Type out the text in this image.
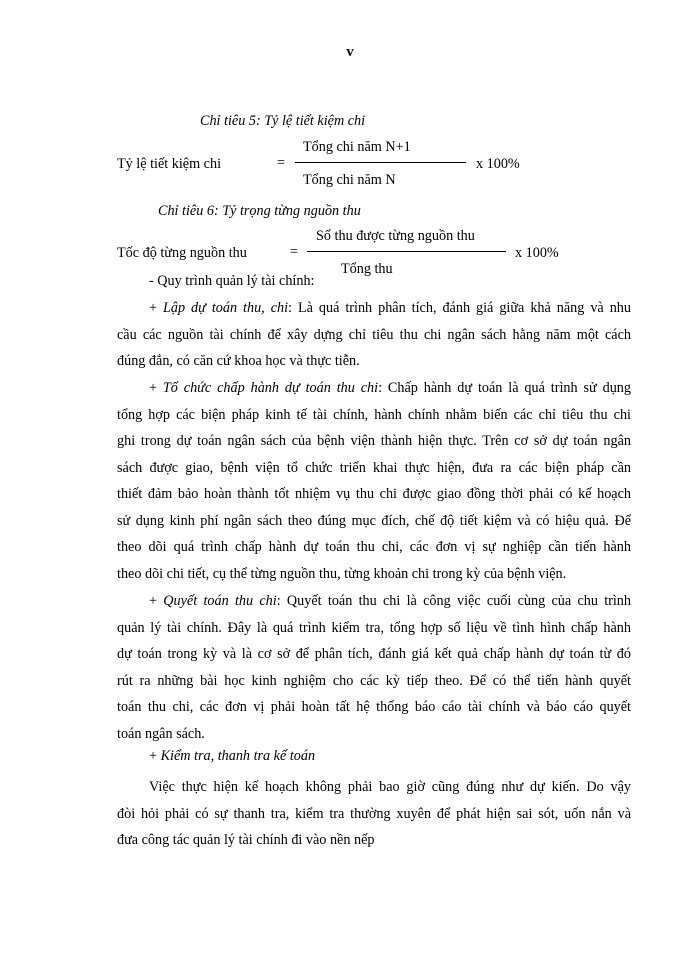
v
Chỉ tiêu 5: Tỷ lệ tiết kiệm chi
Tỷ lệ tiết kiệm chi	=
Tổng chi năm N+1
Tổng chi năm N
x 100%
Chỉ tiêu 6: Tỷ trọng từng nguồn thu
Tốc độ từng nguồn thu	=
Số thu được từng nguồn thu
Tổng thu
x 100%
- Quy trình quản lý tài chính:
+ Lập dự toán thu, chi: Là quá trình phân tích, đánh giá giữa khả năng và nhu
cầu các nguồn tài chính để xây dựng chỉ tiêu thu chi ngân sách hằng năm một cách
đúng đắn, có căn cứ khoa học và thực tiễn.
+ Tổ chức chấp hành dự toán thu chi: Chấp hành dự toán là quá trình sử dụng
tổng hợp các biện pháp kinh tế tài chính, hành chính nhằm biến các chỉ tiêu thu chi
ghi trong dự toán ngân sách của bệnh viện thành hiện thực. Trên cơ sở dự toán ngân
sách được giao, bệnh viện tổ chức triển khai thực hiện, đưa ra các biện pháp cần
thiết đảm bảo hoàn thành tốt nhiệm vụ thu chi được giao đồng thời phải có kế hoạch
sử dụng kinh phí ngân sách theo đúng mục đích, chế độ tiết kiệm và có hiệu quả. Để
theo dõi quá trình chấp hành dự toán thu chi, các đơn vị sự nghiệp cần tiến hành
theo dõi chi tiết, cụ thể từng nguồn thu, từng khoản chi trong kỳ của bệnh viện.
+ Quyết toán thu chi: Quyết toán thu chi là công việc cuối cùng của chu trình
quản lý tài chính. Đây là quá trình kiểm tra, tổng hợp số liệu về tình hình chấp hành
dự toán trong kỳ và là cơ sở để phân tích, đánh giá kết quả chấp hành dự toán từ đó
rút ra những bài học kinh nghiệm cho các kỳ tiếp theo. Để có thể tiến hành quyết
toán thu chi, các đơn vị phải hoàn tất hệ thống báo cáo tài chính và báo cáo quyết
toán ngân sách.
+ Kiểm tra, thanh tra kế toán
Việc thực hiện kế hoạch không phải bao giờ cũng đúng như dự kiến. Do vậy
đòi hỏi phải có sự thanh tra, kiểm tra thường xuyên để phát hiện sai sót, uốn nắn và
đưa công tác quản lý tài chính đi vào nền nếp
